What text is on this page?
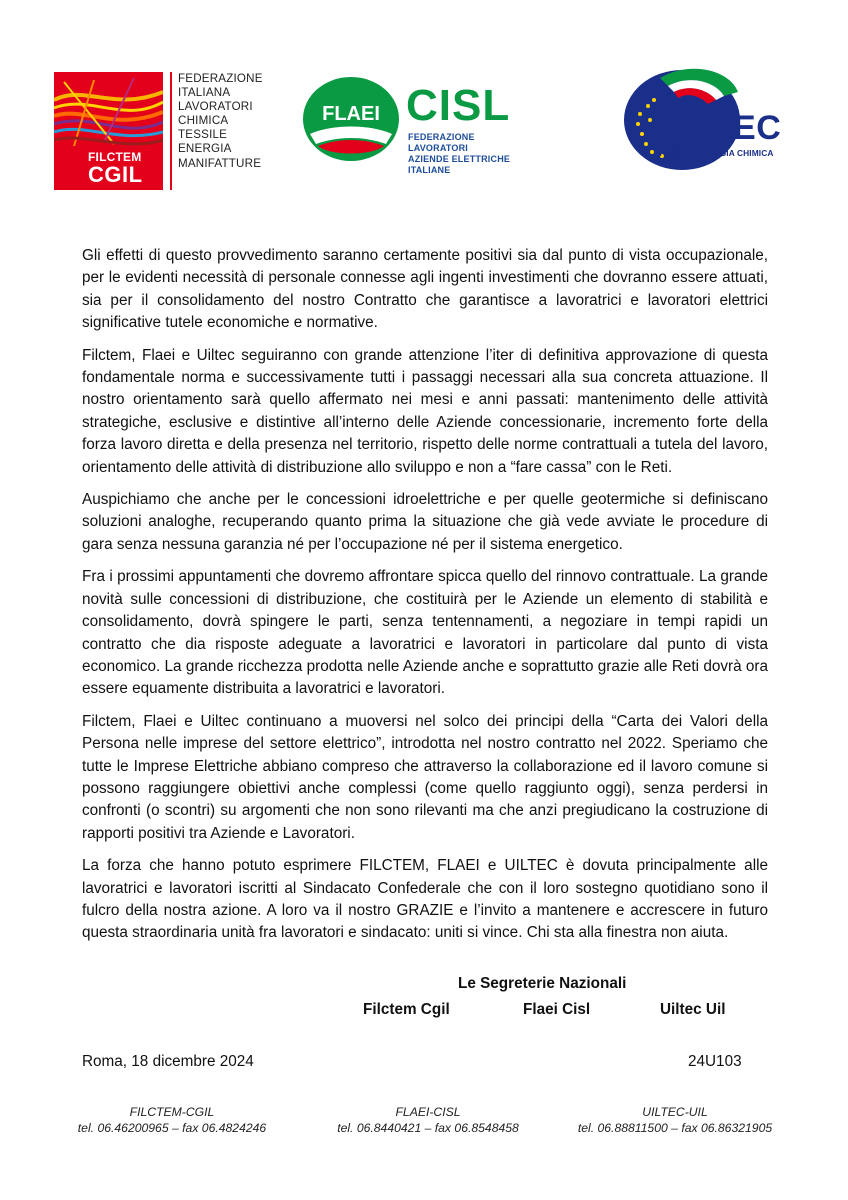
FILCTEM
CGIL
FEDERAZIONE
ITALIANA
LAVORATORI
CHIMICA
TESSILE
ENERGIA
MANIFATTURE
FLAEI CISL
FEDERAZIONE LAVORATORI
AZIENDE ELETTRICHE ITALIANE
UILTEC
TESSILE ENERGIA CHIMICA

Gli effetti di questo provvedimento saranno certamente positivi sia dal punto di vista occupazionale, per le evidenti necessità di personale connesse agli ingenti investimenti che dovranno essere attuati, sia per il consolidamento del nostro Contratto che garantisce a lavoratrici e lavoratori elettrici significative tutele economiche e normative.

Filctem, Flaei e Uiltec seguiranno con grande attenzione l’iter di definitiva approvazione di questa fondamentale norma e successivamente tutti i passaggi necessari alla sua concreta attuazione. Il nostro orientamento sarà quello affermato nei mesi e anni passati: mantenimento delle attività strategiche, esclusive e distintive all’interno delle Aziende concessionarie, incremento forte della forza lavoro diretta e della presenza nel territorio, rispetto delle norme contrattuali a tutela del lavoro, orientamento delle attività di distribuzione allo sviluppo e non a “fare cassa” con le Reti.

Auspichiamo che anche per le concessioni idroelettriche e per quelle geotermiche si definiscano soluzioni analoghe, recuperando quanto prima la situazione che già vede avviate le procedure di gara senza nessuna garanzia né per l’occupazione né per il sistema energetico.

Fra i prossimi appuntamenti che dovremo affrontare spicca quello del rinnovo contrattuale. La grande novità sulle concessioni di distribuzione, che costituirà per le Aziende un elemento di stabilità e consolidamento, dovrà spingere le parti, senza tentennamenti, a negoziare in tempi rapidi un contratto che dia risposte adeguate a lavoratrici e lavoratori in particolare dal punto di vista economico. La grande ricchezza prodotta nelle Aziende anche e soprattutto grazie alle Reti dovrà ora essere equamente distribuita a lavoratrici e lavoratori.

Filctem, Flaei e Uiltec continuano a muoversi nel solco dei principi della “Carta dei Valori della Persona nelle imprese del settore elettrico”, introdotta nel nostro contratto nel 2022. Speriamo che tutte le Imprese Elettriche abbiano compreso che attraverso la collaborazione ed il lavoro comune si possono raggiungere obiettivi anche complessi (come quello raggiunto oggi), senza perdersi in confronti (o scontri) su argomenti che non sono rilevanti ma che anzi pregiudicano la costruzione di rapporti positivi tra Aziende e Lavoratori.

La forza che hanno potuto esprimere FILCTEM, FLAEI e UILTEC è dovuta principalmente alle lavoratrici e lavoratori iscritti al Sindacato Confederale che con il loro sostegno quotidiano sono il fulcro della nostra azione. A loro va il nostro GRAZIE e l’invito a mantenere e accrescere in futuro questa straordinaria unità fra lavoratori e sindacato: uniti si vince. Chi sta alla finestra non aiuta.

Le Segreterie Nazionali
Filctem Cgil	Flaei Cisl	Uiltec Uil
Roma, 18 dicembre 2024	24U103
FILCTEM-CGIL
tel. 06.46200965 – fax 06.4824246
FLAEI-CISL
tel. 06.8440421 – fax 06.8548458
UILTEC-UIL
tel. 06.88811500 – fax 06.86321905
